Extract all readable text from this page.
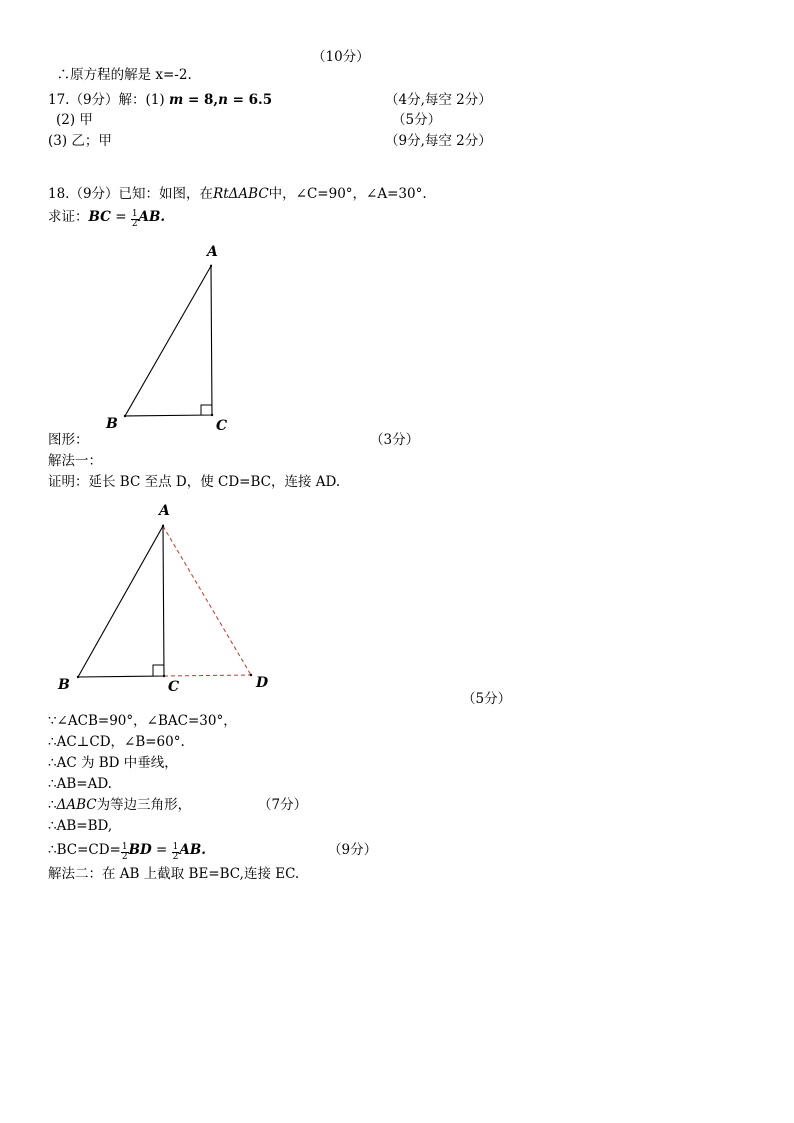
∴原方程的解是 x=-2.

（10分）
17.（9分）解：(1) m = 8,n = 6.5	（4分,每空 2分）
(2) 甲	（5分）
(3) 乙；甲	（9分,每空 2分）
18.（9分）已知：如图，在RtΔABC中，∠C=90°，∠A=30°.
求证：BC = $\frac{1}{2}$ AB.
A
B	C
图形：	（3分）
解法一：
证明：延长 BC 至点 D，使 CD=BC，连接 AD.
A
B	C	D
（5分）
∵∠ACB=90°，∠BAC=30°，
∴AC⊥CD，∠B=60°.
∴AC 为 BD 中垂线，
∴AB=AD.
∴ΔABC为等边三角形，	（7分）
∴AB=BD,
∴BC=CD= $\frac{1}{2}$ BD = $\frac{1}{2}$ AB.	（9分）
解法二：在 AB 上截取 BE=BC,连接 EC.
